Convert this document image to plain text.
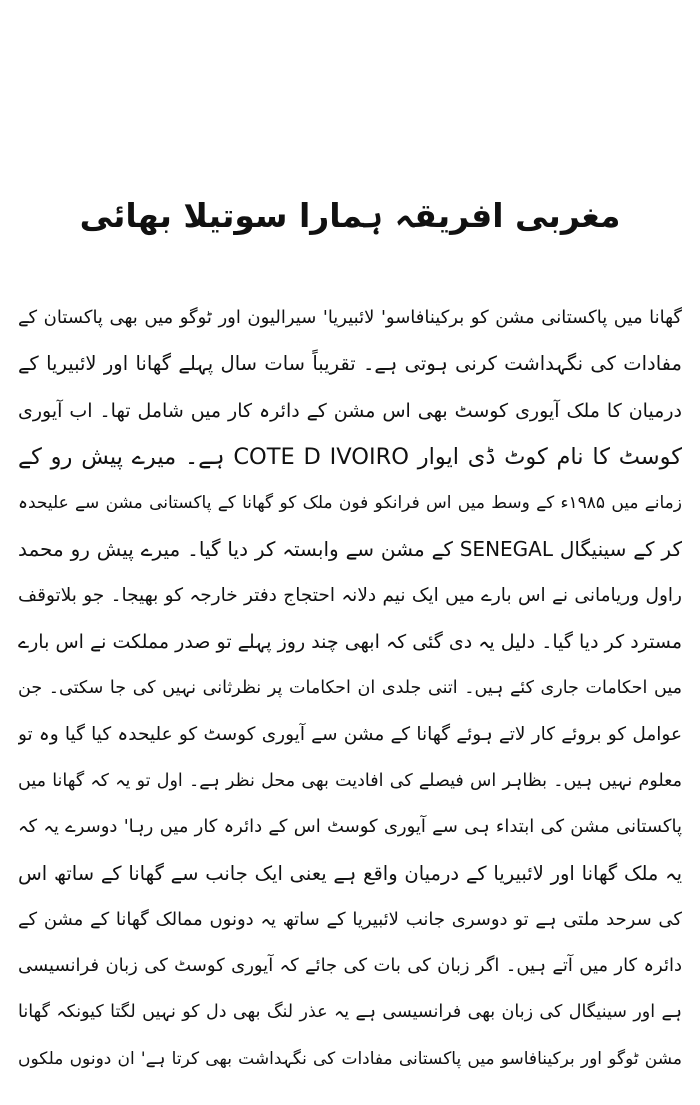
مغربی افریقہ ہمارا سوتیلا بھائی
گھانا میں پاکستانی مشن کو برکینافاسو' لائبیریا' سیرالیون اور ٹوگو میں بھی پاکستان کے
مفادات کی نگہداشت کرنی ہوتی ہے۔ تقریباً سات سال پہلے گھانا اور لائبیریا کے
درمیان کا ملک آیوری کوسٹ بھی اس مشن کے دائرہ کار میں شامل تھا۔ اب آیوری
کوسٹ کا نام کوٹ ڈی ایوار COTE D IVOIRO ہے۔ میرے پیش رو کے
زمانے میں ۱۹۸۵ء کے وسط میں اس فرانکو فون ملک کو گھانا کے پاکستانی مشن سے علیحدہ
کر کے سینیگال SENEGAL کے مشن سے وابستہ کر دیا گیا۔ میرے پیش رو محمد
راول وریامانی نے اس بارے میں ایک نیم دلانہ احتجاج دفتر خارجہ کو بھیجا۔ جو بلاتوقف
مسترد کر دیا گیا۔ دلیل یہ دی گئی کہ ابھی چند روز پہلے تو صدر مملکت نے اس بارے
میں احکامات جاری کئے ہیں۔ اتنی جلدی ان احکامات پر نظرثانی نہیں کی جا سکتی۔ جن
عوامل کو بروئے کار لاتے ہوئے گھانا کے مشن سے آیوری کوسٹ کو علیحدہ کیا گیا وہ تو
معلوم نہیں ہیں۔ بظاہر اس فیصلے کی افادیت بھی محل نظر ہے۔ اول تو یہ کہ گھانا میں
پاکستانی مشن کی ابتداء ہی سے آیوری کوسٹ اس کے دائرہ کار میں رہا' دوسرے یہ کہ
یہ ملک گھانا اور لائبیریا کے درمیان واقع ہے یعنی ایک جانب سے گھانا کے ساتھ اس
کی سرحد ملتی ہے تو دوسری جانب لائبیریا کے ساتھ یہ دونوں ممالک گھانا کے مشن کے
دائرہ کار میں آتے ہیں۔ اگر زبان کی بات کی جائے کہ آیوری کوسٹ کی زبان فرانسیسی
ہے اور سینیگال کی زبان بھی فرانسیسی ہے یہ عذر لنگ بھی دل کو نہیں لگتا کیونکہ گھانا
مشن ٹوگو اور برکینافاسو میں پاکستانی مفادات کی نگہداشت بھی کرتا ہے' ان دونوں ملکوں
